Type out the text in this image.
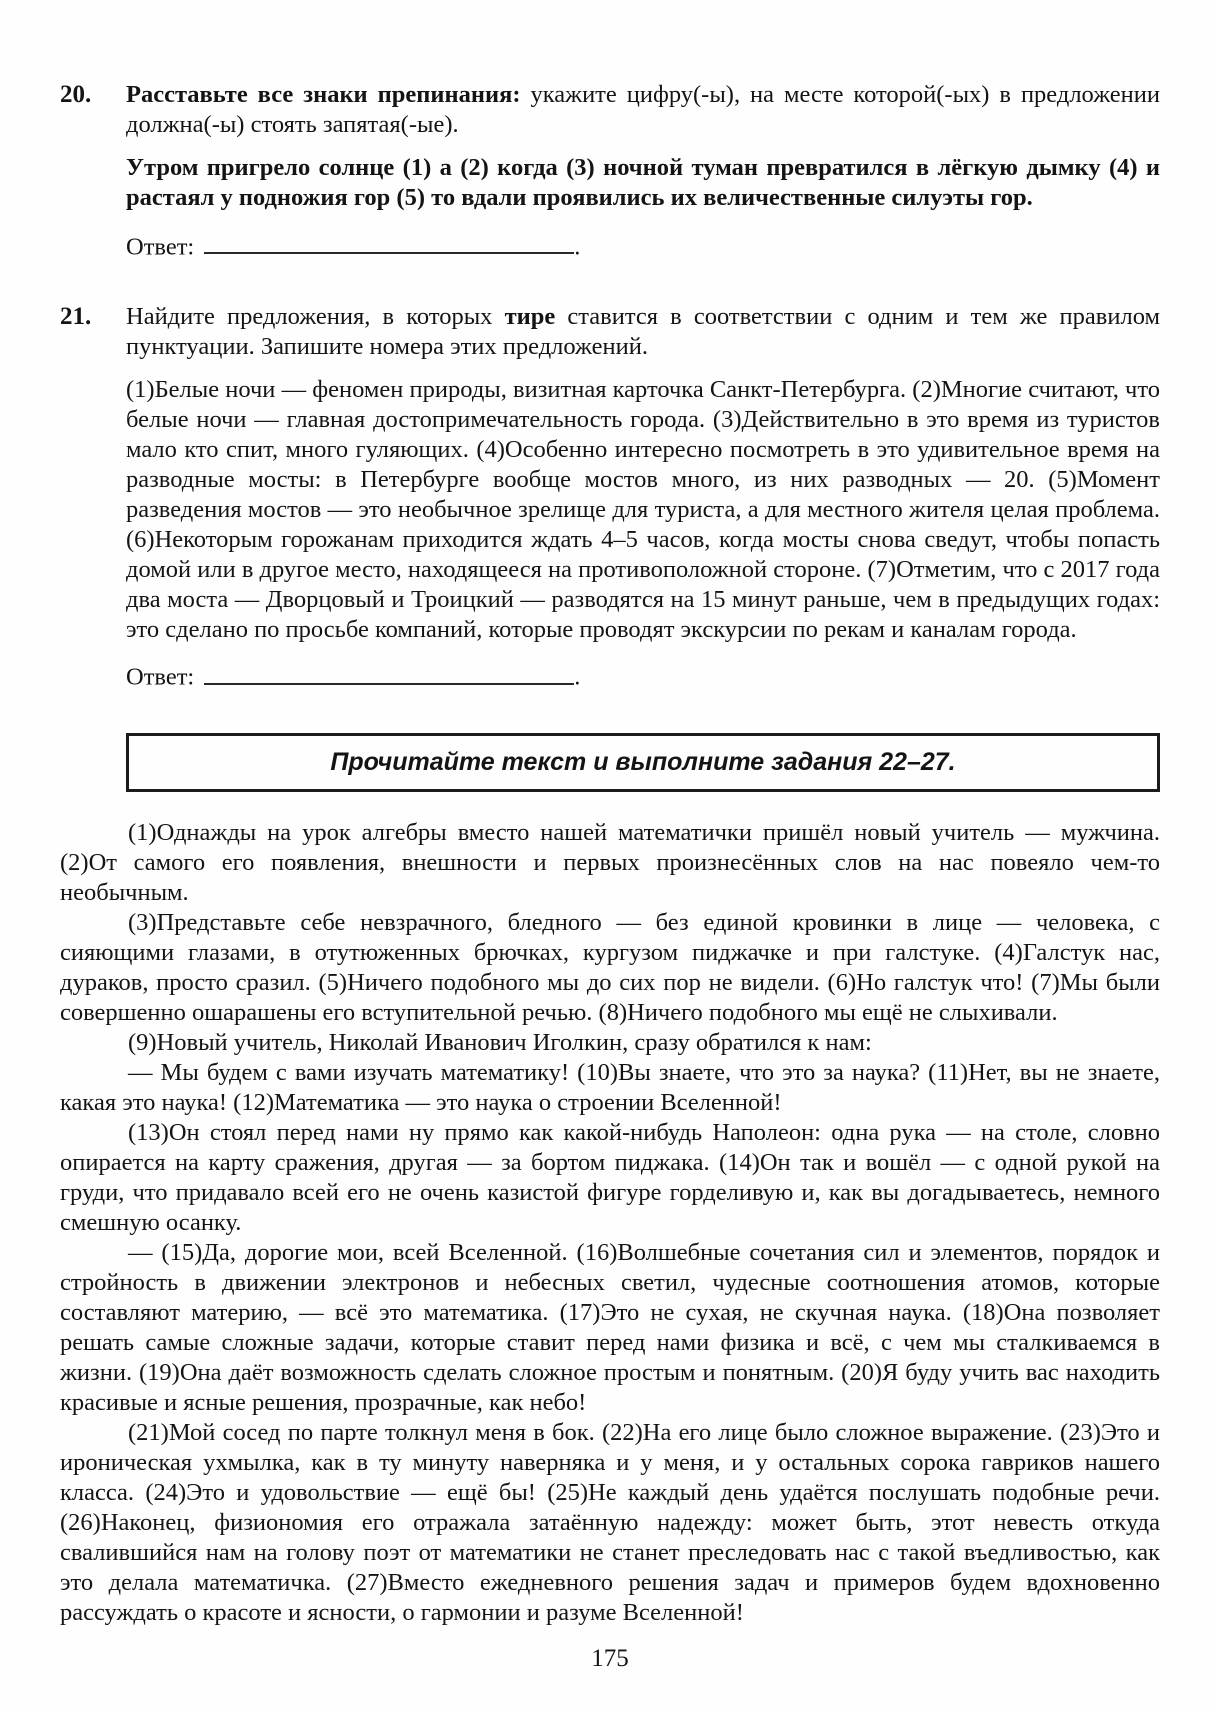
20. Расставьте все знаки препинания: укажите цифру(-ы), на месте которой(-ых) в предложении должна(-ы) стоять запятая(-ые).

Утром пригрело солнце (1) а (2) когда (3) ночной туман превратился в лёгкую дымку (4) и растаял у подножия гор (5) то вдали проявились их величественные силуэты гор.

Ответ:	.

21. Найдите предложения, в которых тире ставится в соответствии с одним и тем же правилом пунктуации. Запишите номера этих предложений.

(1)Белые ночи — феномен природы, визитная карточка Санкт-Петербурга. (2)Многие считают, что белые ночи — главная достопримечательность города. (3)Действительно в это время из туристов мало кто спит, много гуляющих. (4)Особенно интересно посмотреть в это удивительное время на разводные мосты: в Петербурге вообще мостов много, из них разводных — 20. (5)Момент разведения мостов — это необычное зрелище для туриста, а для местного жителя целая проблема. (6)Некоторым горожанам приходится ждать 4–5 часов, когда мосты снова сведут, чтобы попасть домой или в другое место, находящееся на противоположной стороне. (7)Отметим, что с 2017 года два моста — Дворцовый и Троицкий — разводятся на 15 минут раньше, чем в предыдущих годах: это сделано по просьбе компаний, которые проводят экскурсии по рекам и каналам города.

Ответ:	.

Прочитайте текст и выполните задания 22–27.

(1)Однажды на урок алгебры вместо нашей математички пришёл новый учитель — мужчина. (2)От самого его появления, внешности и первых произнесённых слов на нас повеяло чем-то необычным.

(3)Представьте себе невзрачного, бледного — без единой кровинки в лице — человека, с сияющими глазами, в отутюженных брючках, кургузом пиджачке и при галстуке. (4)Галстук нас, дураков, просто сразил. (5)Ничего подобного мы до сих пор не видели. (6)Но галстук что! (7)Мы были совершенно ошарашены его вступительной речью. (8)Ничего подобного мы ещё не слыхивали.

(9)Новый учитель, Николай Иванович Иголкин, сразу обратился к нам:

— Мы будем с вами изучать математику! (10)Вы знаете, что это за наука? (11)Нет, вы не знаете, какая это наука! (12)Математика — это наука о строении Вселенной!

(13)Он стоял перед нами ну прямо как какой-нибудь Наполеон: одна рука — на столе, словно опирается на карту сражения, другая — за бортом пиджака. (14)Он так и вошёл — с одной рукой на груди, что придавало всей его не очень казистой фигуре горделивую и, как вы догадываетесь, немного смешную осанку.

— (15)Да, дорогие мои, всей Вселенной. (16)Волшебные сочетания сил и элементов, порядок и стройность в движении электронов и небесных светил, чудесные соотношения атомов, которые составляют материю, — всё это математика. (17)Это не сухая, не скучная наука. (18)Она позволяет решать самые сложные задачи, которые ставит перед нами физика и всё, с чем мы сталкиваемся в жизни. (19)Она даёт возможность сделать сложное простым и понятным. (20)Я буду учить вас находить красивые и ясные решения, прозрачные, как небо!

(21)Мой сосед по парте толкнул меня в бок. (22)На его лице было сложное выражение. (23)Это и ироническая ухмылка, как в ту минуту наверняка и у меня, и у остальных сорока гавриков нашего класса. (24)Это и удовольствие — ещё бы! (25)Не каждый день удаётся послушать подобные речи. (26)Наконец, физиономия его отражала затаённую надежду: может быть, этот невесть откуда свалившийся нам на голову поэт от математики не станет преследовать нас с такой въедливостью, как это делала математичка. (27)Вместо ежедневного решения задач и примеров будем вдохновенно рассуждать о красоте и ясности, о гармонии и разуме Вселенной!

175
